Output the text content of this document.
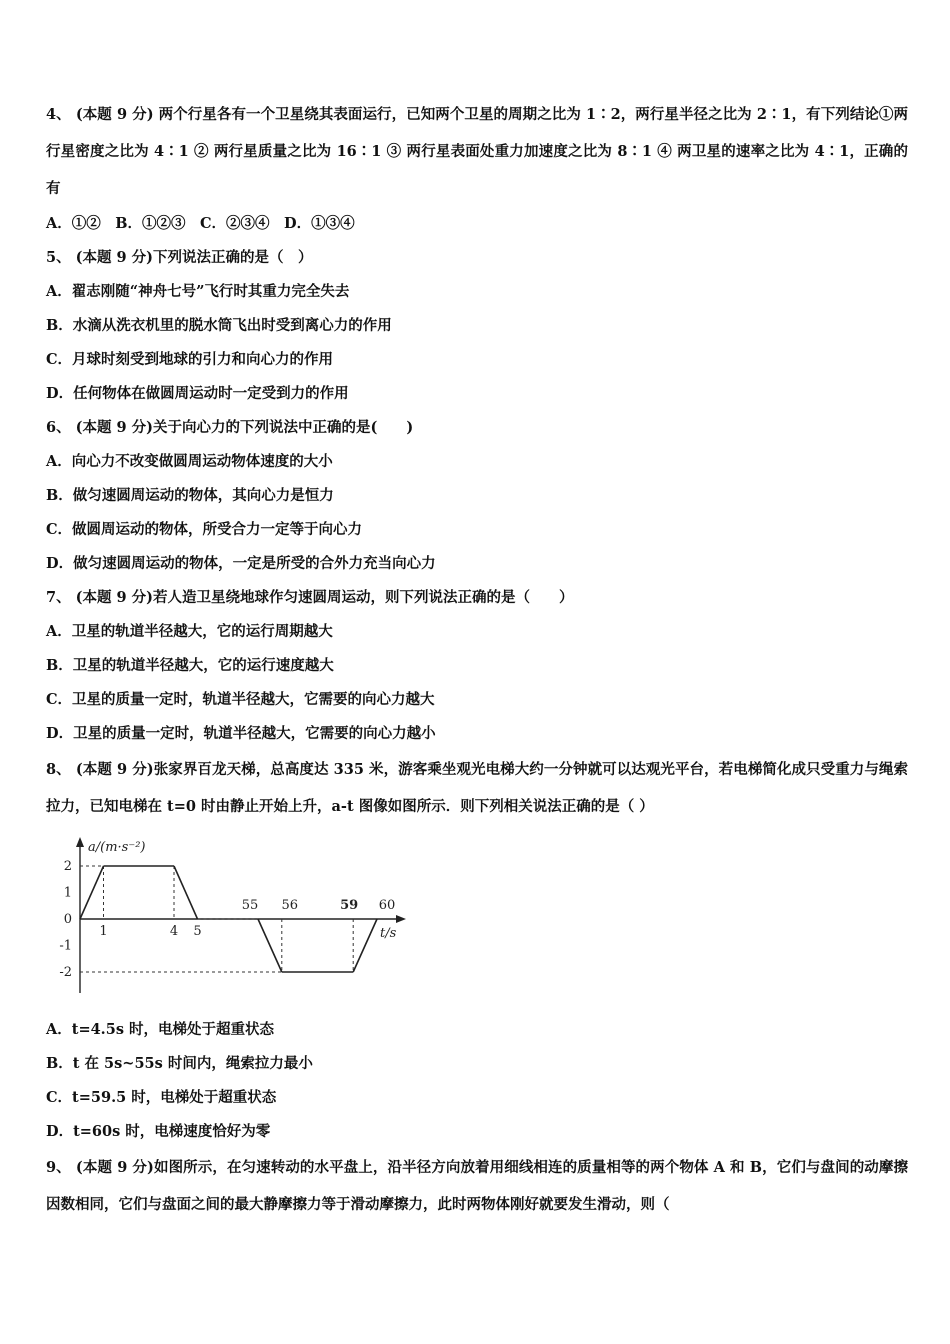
4、 (本题 9 分) 两个行星各有一个卫星绕其表面运行，已知两个卫星的周期之比为 1∶2，两行星半径之比为 2∶1，有下列结论①两行星密度之比为 4∶1 ② 两行星质量之比为 16∶1 ③ 两行星表面处重力加速度之比为 8∶1 ④ 两卫星的速率之比为 4∶1，正确的有
A．①②　B．①②③　C．②③④　D．①③④
5、 (本题 9 分)下列说法正确的是（　）
A．翟志刚随“神舟七号”飞行时其重力完全失去
B．水滴从洗衣机里的脱水筒飞出时受到离心力的作用
C．月球时刻受到地球的引力和向心力的作用
D．任何物体在做圆周运动时一定受到力的作用
6、 (本题 9 分)关于向心力的下列说法中正确的是(　　)
A．向心力不改变做圆周运动物体速度的大小
B．做匀速圆周运动的物体，其向心力是恒力
C．做圆周运动的物体，所受合力一定等于向心力
D．做匀速圆周运动的物体，一定是所受的合外力充当向心力
7、 (本题 9 分)若人造卫星绕地球作匀速圆周运动，则下列说法正确的是（　　）
A．卫星的轨道半径越大，它的运行周期越大
B．卫星的轨道半径越大，它的运行速度越大
C．卫星的质量一定时，轨道半径越大，它需要的向心力越大
D．卫星的质量一定时，轨道半径越大，它需要的向心力越小
8、 (本题 9 分)张家界百龙天梯，总高度达 335 米，游客乘坐观光电梯大约一分钟就可以达观光平台，若电梯简化成只受重力与绳索拉力，已知电梯在 t=0 时由静止开始上升，a-t 图像如图所示．则下列相关说法正确的是（ ）
a/(m·s⁻²)
t/s
2
1
0
-1
-2
1	4 5
55 56	59 60
A．t=4.5s 时，电梯处于超重状态
B．t 在 5s~55s 时间内，绳索拉力最小
C．t=59.5 时，电梯处于超重状态
D．t=60s 时，电梯速度恰好为零
9、 (本题 9 分)如图所示，在匀速转动的水平盘上，沿半径方向放着用细线相连的质量相等的两个物体 A 和 B，它们与盘间的动摩擦因数相同，它们与盘面之间的最大静摩擦力等于滑动摩擦力，此时两物体刚好就要发生滑动，则（
